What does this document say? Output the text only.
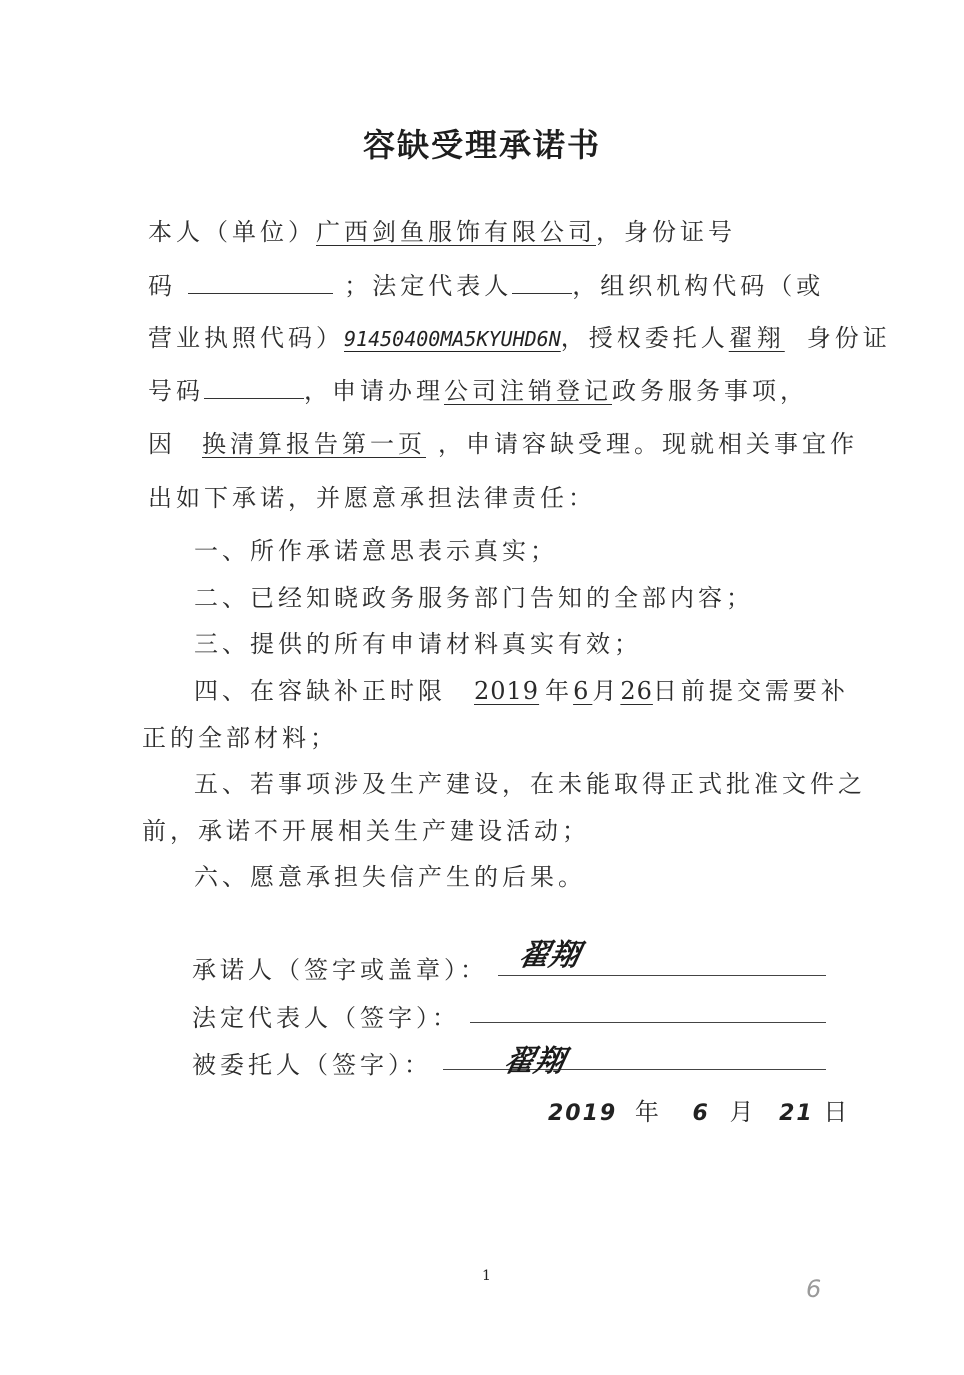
容缺受理承诺书
本人（单位）广西剑鱼服饰有限公司，身份证号
码	；法定代表人	，组织机构代码（或
营业执照代码）91450400MA5KYUHD6N，授权委托人翟翔 身份证
号码	，申请办理公司注销登记政务服务事项，
因 换清算报告第一页 ，申请容缺受理。现就相关事宜作
出如下承诺，并愿意承担法律责任：
一、所作承诺意思表示真实；
二、已经知晓政务服务部门告知的全部内容；
三、提供的所有申请材料真实有效；
四、在容缺补正时限 2019 年6月26日前提交需要补
正的全部材料；
五、若事项涉及生产建设，在未能取得正式批准文件之
前，承诺不开展相关生产建设活动；
六、愿意承担失信产生的后果。
承诺人（签字或盖章）： 翟翔
法定代表人（签字）：
被委托人（签字）： 翟翔
2019 年 6 月 21 日
1	6
